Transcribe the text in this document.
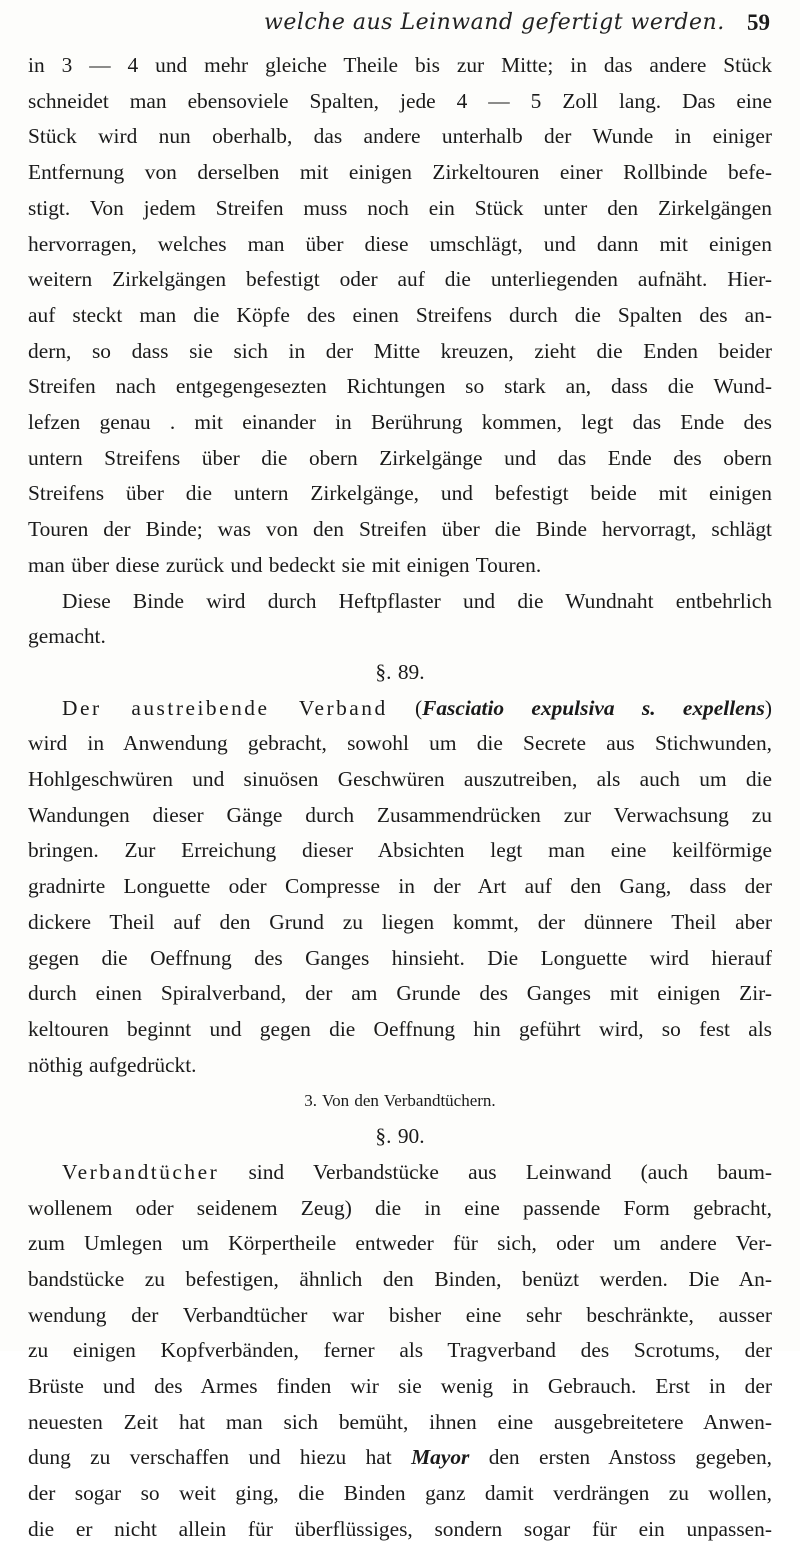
welche aus Leinwand gefertigt werden. 59
in 3 — 4 und mehr gleiche Theile bis zur Mitte; in das andere Stück
schneidet man ebensoviele Spalten, jede 4 — 5 Zoll lang. Das eine
Stück wird nun oberhalb, das andere unterhalb der Wunde in einiger
Entfernung von derselben mit einigen Zirkeltouren einer Rollbinde befe-
stigt. Von jedem Streifen muss noch ein Stück unter den Zirkelgängen
hervorragen, welches man über diese umschlägt, und dann mit einigen
weitern Zirkelgängen befestigt oder auf die unterliegenden aufnäht. Hier-
auf steckt man die Köpfe des einen Streifens durch die Spalten des an-
dern, so dass sie sich in der Mitte kreuzen, zieht die Enden beider
Streifen nach entgegengesezten Richtungen so stark an, dass die Wund-
lefzen genau . mit einander in Berührung kommen, legt das Ende des
untern Streifens über die obern Zirkelgänge und das Ende des obern
Streifens über die untern Zirkelgänge, und befestigt beide mit einigen
Touren der Binde; was von den Streifen über die Binde hervorragt, schlägt
man über diese zurück und bedeckt sie mit einigen Touren.
Diese Binde wird durch Heftpflaster und die Wundnaht entbehrlich
gemacht.
§. 89.
Der austreibende Verband (Fasciatio expulsiva s. expellens)
wird in Anwendung gebracht, sowohl um die Secrete aus Stichwunden,
Hohlgeschwüren und sinuösen Geschwüren auszutreiben, als auch um die
Wandungen dieser Gänge durch Zusammendrücken zur Verwachsung zu
bringen. Zur Erreichung dieser Absichten legt man eine keilförmige
gradnirte Longuette oder Compresse in der Art auf den Gang, dass der
dickere Theil auf den Grund zu liegen kommt, der dünnere Theil aber
gegen die Oeffnung des Ganges hinsieht. Die Longuette wird hierauf
durch einen Spiralverband, der am Grunde des Ganges mit einigen Zir-
keltouren beginnt und gegen die Oeffnung hin geführt wird, so fest als
nöthig aufgedrückt.
3. Von den Verbandtüchern.
§. 90.
Verbandtücher sind Verbandstücke aus Leinwand (auch baum-
wollenem oder seidenem Zeug) die in eine passende Form gebracht,
zum Umlegen um Körpertheile entweder für sich, oder um andere Ver-
bandstücke zu befestigen, ähnlich den Binden, benüzt werden. Die An-
wendung der Verbandtücher war bisher eine sehr beschränkte, ausser
zu einigen Kopfverbänden, ferner als Tragverband des Scrotums, der
Brüste und des Armes finden wir sie wenig in Gebrauch. Erst in der
neuesten Zeit hat man sich bemüht, ihnen eine ausgebreitetere Anwen-
dung zu verschaffen und hiezu hat Mayor den ersten Anstoss gegeben,
der sogar so weit ging, die Binden ganz damit verdrängen zu wollen,
die er nicht allein für überflüssiges, sondern sogar für ein unpassen-
